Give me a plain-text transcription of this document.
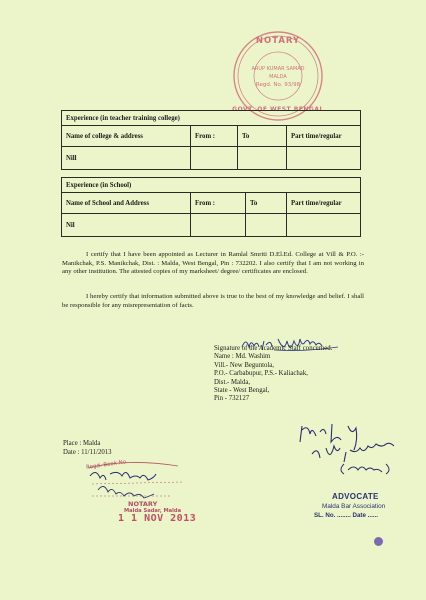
NOTARY
ARUP KUMAR SAMAD
MALDA
Regd. No. 93/98
GOVT. OF WEST BENGAL
Experience (in teacher training college)			
Name of college & address	From :	To	Part time/regular
Nill			
Experience (in School)			
Name of School and Address	From :	To	Part time/regular
Nil			
I certify that I have been appointed as Lecturer in Ramlal Smriti D.El.Ed. College at Vill & P.O. :- Manikchak, P.S. Manikchak, Dist. : Malda, West Bengal, Pin : 732202. I also certify that I am not working in any other institution. The attested copies of my marksheet/ degree/ certificates are enclosed.
I hereby certify that information submitted above is true to the best of my knowledge and belief. I shall be responsible for any misrepresentation of facts.
Signature of the Academic Staff concerned.
Name : Md. Washim
Vill.- New Beguntola,
P.O.- Carbabupur, P.S.- Kaliachak,
Dist.- Malda,
State - West Bengal,
Pin - 732127
Place : Malda
Date : 11/11/2013
ADVOCATE
Malda Bar Association
SL. No. ........ Date ......
Regd. Book No.
NOTARY
Malda Sadar, Malda
1 1 NOV 2013
